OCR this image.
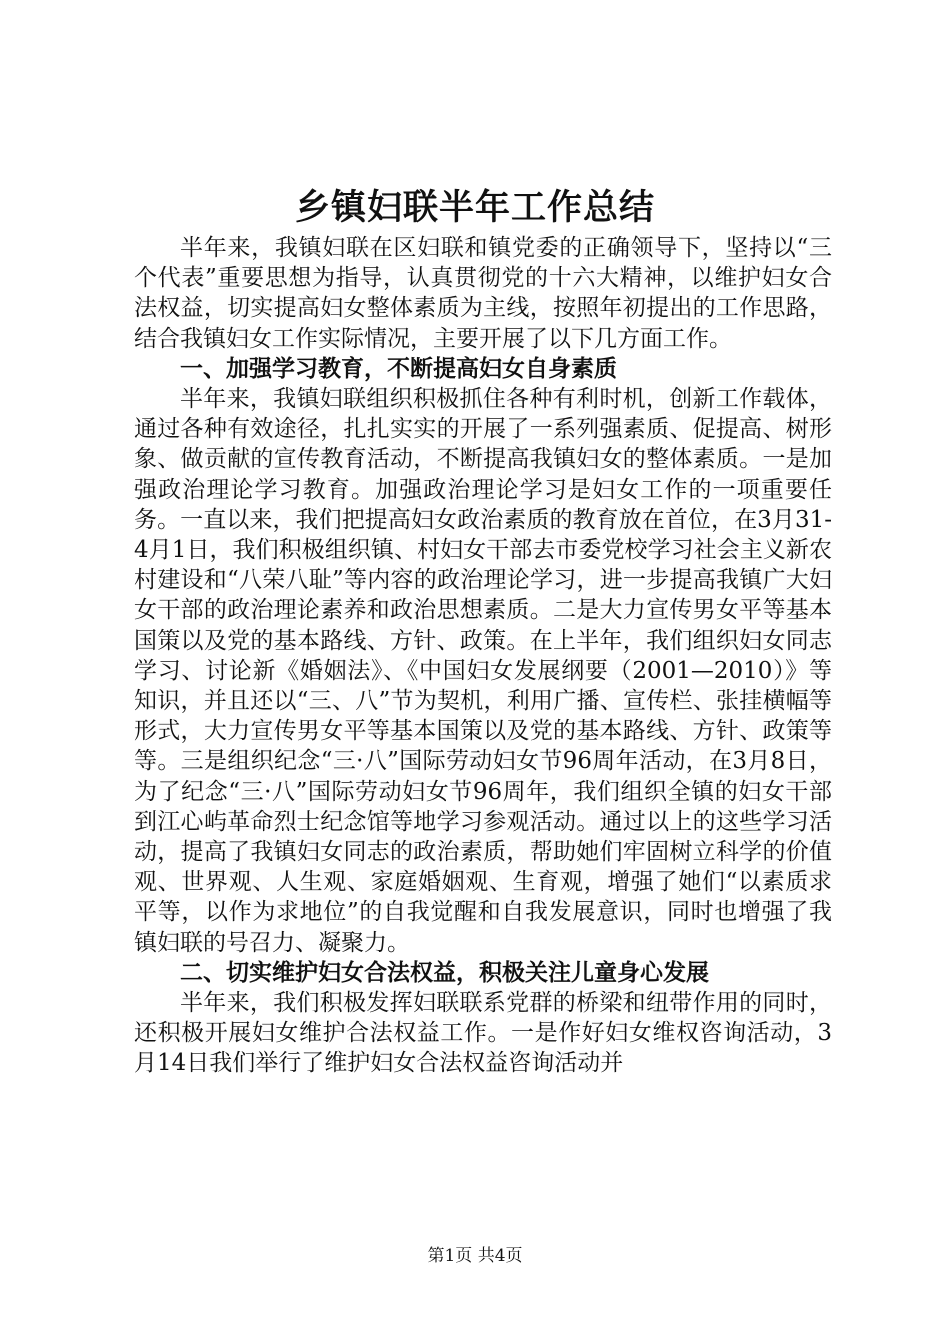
乡镇妇联半年工作总结

半年来，我镇妇联在区妇联和镇党委的正确领导下，坚持以“三个代表”重要思想为指导，认真贯彻党的十六大精神，以维护妇女合法权益，切实提高妇女整体素质为主线，按照年初提出的工作思路，结合我镇妇女工作实际情况，主要开展了以下几方面工作。

一、加强学习教育，不断提高妇女自身素质

半年来，我镇妇联组织积极抓住各种有利时机，创新工作载体，通过各种有效途径，扎扎实实的开展了一系列强素质、促提高、树形象、做贡献的宣传教育活动，不断提高我镇妇女的整体素质。一是加强政治理论学习教育。加强政治理论学习是妇女工作的一项重要任务。一直以来，我们把提高妇女政治素质的教育放在首位，在3月31-4月1日，我们积极组织镇、村妇女干部去市委党校学习社会主义新农村建设和“八荣八耻”等内容的政治理论学习，进一步提高我镇广大妇女干部的政治理论素养和政治思想素质。二是大力宣传男女平等基本国策以及党的基本路线、方针、政策。在上半年，我们组织妇女同志学习、讨论新《婚姻法》、《中国妇女发展纲要（2001—2010）》等知识，并且还以“三、八”节为契机，利用广播、宣传栏、张挂横幅等形式，大力宣传男女平等基本国策以及党的基本路线、方针、政策等等。三是组织纪念“三·八”国际劳动妇女节96周年活动，在3月8日，为了纪念“三·八”国际劳动妇女节96周年，我们组织全镇的妇女干部到江心屿革命烈士纪念馆等地学习参观活动。通过以上的这些学习活动，提高了我镇妇女同志的政治素质，帮助她们牢固树立科学的价值观、世界观、人生观、家庭婚姻观、生育观，增强了她们“以素质求平等，以作为求地位”的自我觉醒和自我发展意识，同时也增强了我镇妇联的号召力、凝聚力。

二、切实维护妇女合法权益，积极关注儿童身心发展

半年来，我们积极发挥妇联联系党群的桥梁和纽带作用的同时，还积极开展妇女维护合法权益工作。一是作好妇女维权咨询活动，3月14日我们举行了维护妇女合法权益咨询活动并

第1页 共4页
